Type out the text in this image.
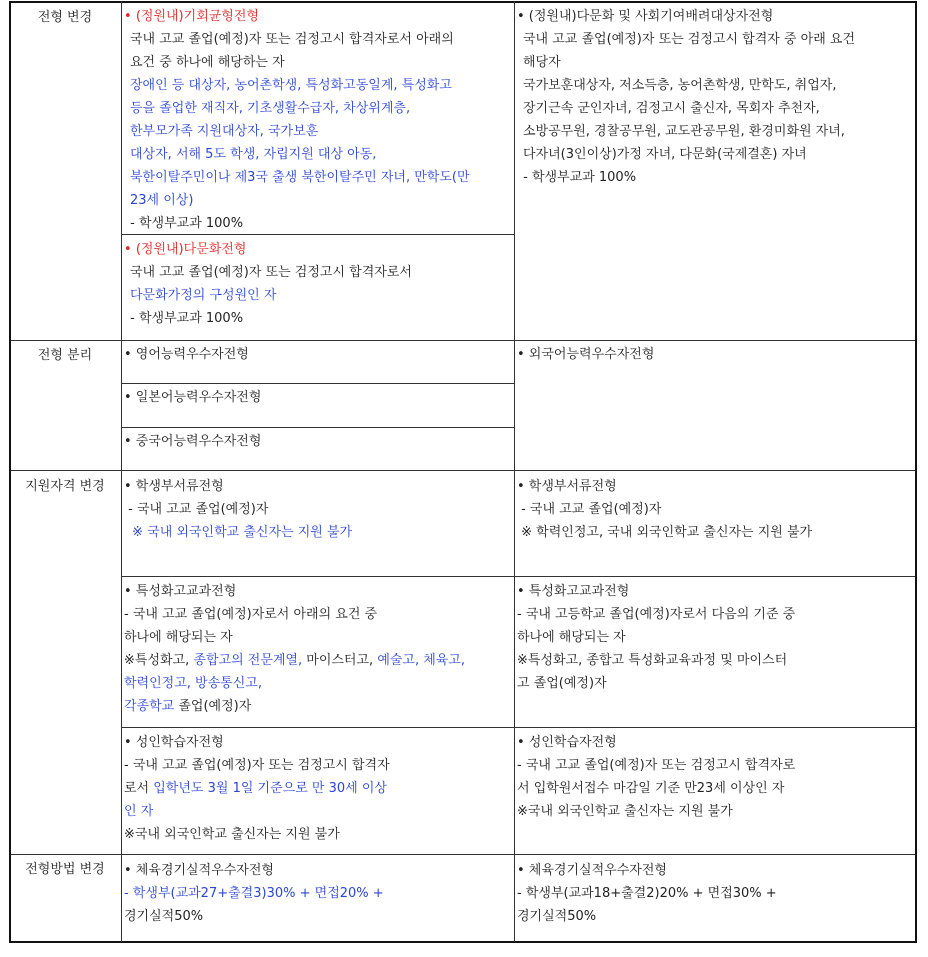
전형 변경
전형 분리
지원자격 변경
전형방법 변경
• (정원내)기회균형전형
국내 고교 졸업(예정)자 또는 검정고시 합격자로서 아래의
요건 중 하나에 해당하는 자
장애인 등 대상자, 농어촌학생, 특성화고동일계, 특성화고
등을 졸업한 재직자, 기초생활수급자, 차상위계층,
한부모가족 지원대상자, 국가보훈
대상자, 서해 5도 학생, 자립지원 대상 아동,
북한이탈주민이나 제3국 출생 북한이탈주민 자녀, 만학도(만
23세 이상)
- 학생부교과 100%
• (정원내)다문화전형
국내 고교 졸업(예정)자 또는 검정고시 합격자로서
다문화가정의 구성원인 자
- 학생부교과 100%
• (정원내)다문화 및 사회기여배려대상자전형
국내 고교 졸업(예정)자 또는 검정고시 합격자 중 아래 요건
해당자
국가보훈대상자, 저소득층, 농어촌학생, 만학도, 취업자,
장기근속 군인자녀, 검정고시 출신자, 목회자 추천자,
소방공무원, 경찰공무원, 교도관공무원, 환경미화원 자녀,
다자녀(3인이상)가정 자녀, 다문화(국제결혼) 자녀
- 학생부교과 100%
• 영어능력우수자전형
• 일본어능력우수자전형
• 중국어능력우수자전형
• 외국어능력우수자전형
• 학생부서류전형
- 국내 고교 졸업(예정)자
※ 국내 외국인학교 출신자는 지원 불가
• 학생부서류전형
- 국내 고교 졸업(예정)자
※ 학력인정고, 국내 외국인학교 출신자는 지원 불가
• 특성화고교과전형
- 국내 고교 졸업(예정)자로서 아래의 요건 중
하나에 해당되는 자
※특성화고, 종합고의 전문계열, 마이스터고, 예술고, 체육고,
학력인정고, 방송통신고,
각종학교 졸업(예정)자
• 특성화고교과전형
- 국내 고등학교 졸업(예정)자로서 다음의 기준 중
하나에 해당되는 자
※특성화고, 종합고 특성화교육과정 및 마이스터
고 졸업(예정)자
• 성인학습자전형
- 국내 고교 졸업(예정)자 또는 검정고시 합격자
로서 입학년도 3월 1일 기준으로 만 30세 이상
인 자
※국내 외국인학교 출신자는 지원 불가
• 성인학습자전형
- 국내 고교 졸업(예정)자 또는 검정고시 합격자로
서 입학원서접수 마감일 기준 만23세 이상인 자
※국내 외국인학교 출신자는 지원 불가
• 체육경기실적우수자전형
- 학생부(교과27+출결3)30% + 면접20% +
경기실적50%
• 체육경기실적우수자전형
- 학생부(교과18+출결2)20% + 면접30% +
경기실적50%
